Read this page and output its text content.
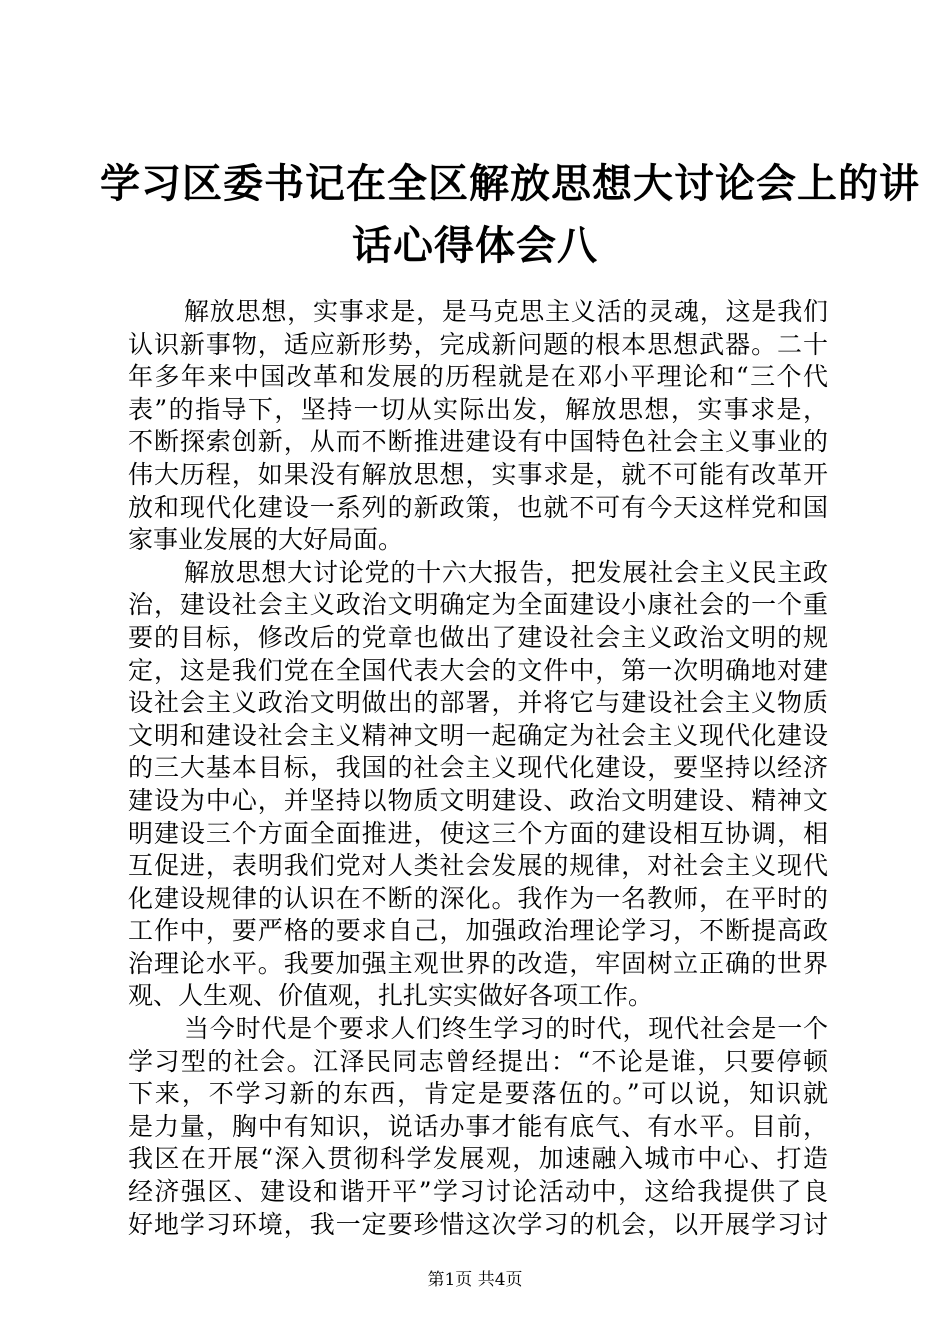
学习区委书记在全区解放思想大讨论会上的讲
话心得体会八
解放思想，实事求是，是马克思主义活的灵魂，这是我们
认识新事物，适应新形势，完成新问题的根本思想武器。二十
年多年来中国改革和发展的历程就是在邓小平理论和“三个代
表”的指导下，坚持一切从实际出发，解放思想，实事求是，
不断探索创新，从而不断推进建设有中国特色社会主义事业的
伟大历程，如果没有解放思想，实事求是，就不可能有改革开
放和现代化建设一系列的新政策，也就不可有今天这样党和国
家事业发展的大好局面。
解放思想大讨论党的十六大报告，把发展社会主义民主政
治，建设社会主义政治文明确定为全面建设小康社会的一个重
要的目标，修改后的党章也做出了建设社会主义政治文明的规
定，这是我们党在全国代表大会的文件中，第一次明确地对建
设社会主义政治文明做出的部署，并将它与建设社会主义物质
文明和建设社会主义精神文明一起确定为社会主义现代化建设
的三大基本目标，我国的社会主义现代化建设，要坚持以经济
建设为中心，并坚持以物质文明建设、政治文明建设、精神文
明建设三个方面全面推进，使这三个方面的建设相互协调，相
互促进，表明我们党对人类社会发展的规律，对社会主义现代
化建设规律的认识在不断的深化。我作为一名教师，在平时的
工作中，要严格的要求自己，加强政治理论学习，不断提高政
治理论水平。我要加强主观世界的改造，牢固树立正确的世界
观、人生观、价值观，扎扎实实做好各项工作。
当今时代是个要求人们终生学习的时代，现代社会是一个
学习型的社会。江泽民同志曾经提出：“不论是谁，只要停顿
下来，不学习新的东西，肯定是要落伍的。”可以说，知识就
是力量，胸中有知识，说话办事才能有底气、有水平。目前，
我区在开展“深入贯彻科学发展观，加速融入城市中心、打造
经济强区、建设和谐开平”学习讨论活动中，这给我提供了良
好地学习环境，我一定要珍惜这次学习的机会，以开展学习讨
第1页 共4页
